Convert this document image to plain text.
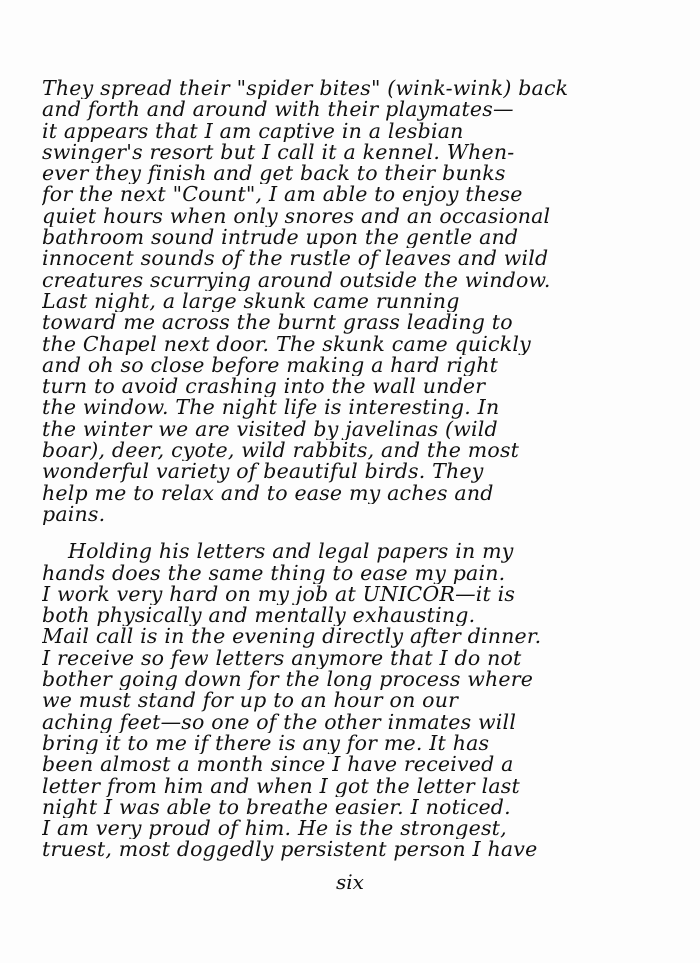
They spread their "spider bites" (wink-wink) back
and forth and around with their playmates—
it appears that I am captive in a lesbian
swinger's resort but I call it a kennel. When-
ever they finish and get back to their bunks
for the next "Count", I am able to enjoy these
quiet hours when only snores and an occasional
bathroom sound intrude upon the gentle and
innocent sounds of the rustle of leaves and wild
creatures scurrying around outside the window.
Last night, a large skunk came running
toward me across the burnt grass leading to
the Chapel next door. The skunk came quickly
and oh so close before making a hard right
turn to avoid crashing into the wall under
the window. The night life is interesting. In
the winter we are visited by javelinas (wild
boar), deer, cyote, wild rabbits, and the most
wonderful variety of beautiful birds. They
help me to relax and to ease my aches and
pains.
Holding his letters and legal papers in my
hands does the same thing to ease my pain.
I work very hard on my job at UNICOR—it is
both physically and mentally exhausting.
Mail call is in the evening directly after dinner.
I receive so few letters anymore that I do not
bother going down for the long process where
we must stand for up to an hour on our
aching feet—so one of the other inmates will
bring it to me if there is any for me. It has
been almost a month since I have received a
letter from him and when I got the letter last
night I was able to breathe easier. I noticed.
I am very proud of him. He is the strongest,
truest, most doggedly persistent person I have
six
